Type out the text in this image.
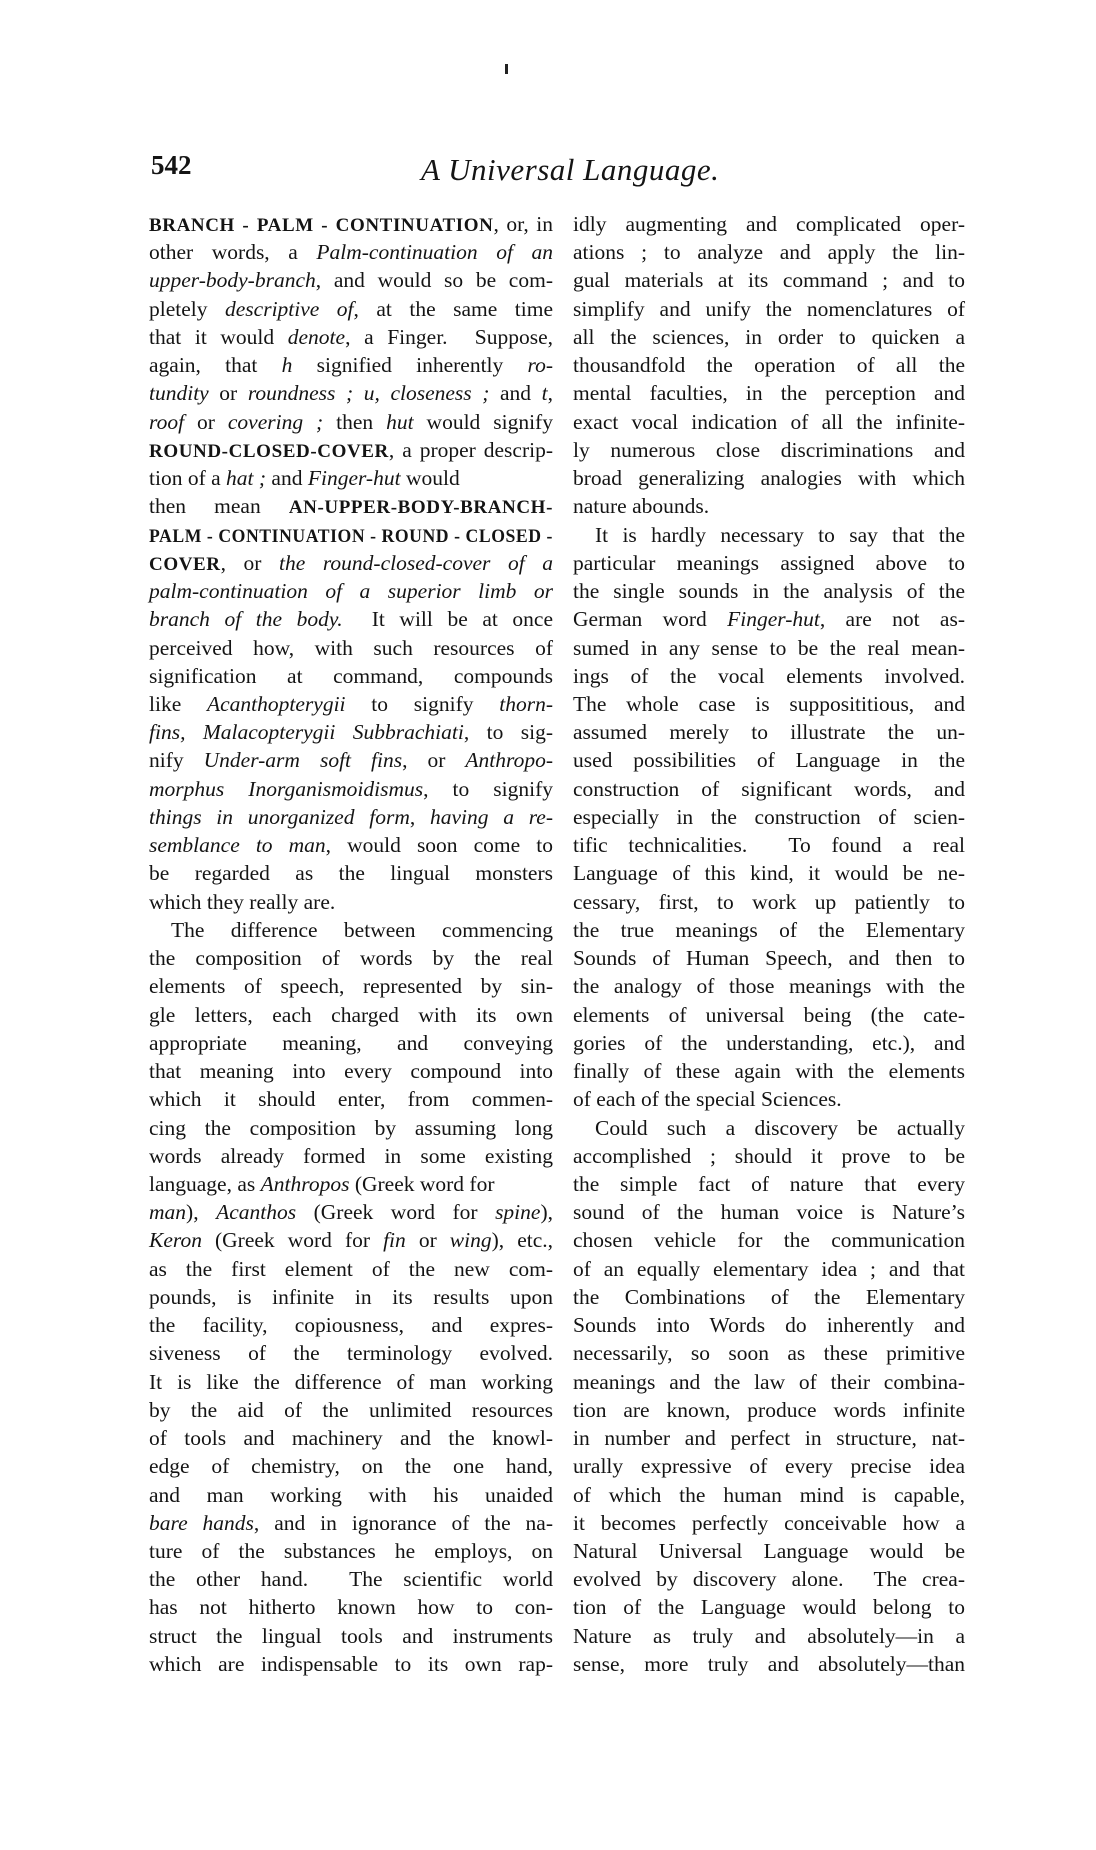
542	A Universal Language.
BRANCH - PALM - CONTINUATION, or, in
other words, a Palm-continuation of an
upper-body-branch, and would so be com-
pletely descriptive of, at the same time
that it would denote, a Finger.  Suppose,
again, that h signified inherently ro-
tundity or roundness ; u, closeness ; and t,
roof or covering ; then hut would signify
ROUND-CLOSED-COVER, a proper descrip-
tion of a hat ; and Finger-hut would
then   mean   AN-UPPER-BODY-BRANCH-
PALM - CONTINUATION - ROUND - CLOSED -
COVER, or the round-closed-cover of a
palm-continuation of a superior limb or
branch of the body.  It will be at once
perceived how, with such resources of
signification at command, compounds
like Acanthopterygii to signify thorn-
fins, Malacopterygii Subbrachiati, to sig-
nify Under-arm soft fins, or Anthropo-
morphus Inorganismoidismus, to signify
things in unorganized form, having a re-
semblance to man, would soon come to
be regarded as the lingual monsters
which they really are.
The difference between commencing
the composition of words by the real
elements of speech, represented by sin-
gle letters, each charged with its own
appropriate meaning, and conveying
that meaning into every compound into
which it should enter, from commen-
cing the composition by assuming long
words already formed in some existing
language, as Anthropos (Greek word for
man), Acanthos (Greek word for spine),
Keron (Greek word for fin or wing), etc.,
as the first element of the new com-
pounds, is infinite in its results upon
the facility, copiousness, and expres-
siveness of the terminology evolved.
It is like the difference of man working
by the aid of the unlimited resources
of tools and machinery and the knowl-
edge of chemistry, on the one hand,
and man working with his unaided
bare hands, and in ignorance of the na-
ture of the substances he employs, on
the other hand.  The scientific world
has not hitherto known how to con-
struct the lingual tools and instruments
which are indispensable to its own rap-
idly augmenting and complicated oper-
ations ; to analyze and apply the lin-
gual materials at its command ; and to
simplify and unify the nomenclatures of
all the sciences, in order to quicken a
thousandfold the operation of all the
mental faculties, in the perception and
exact vocal indication of all the infinite-
ly numerous close discriminations and
broad generalizing analogies with which
nature abounds.
It is hardly necessary to say that the
particular meanings assigned above to
the single sounds in the analysis of the
German word Finger-hut, are not as-
sumed in any sense to be the real mean-
ings of the vocal elements involved.
The whole case is supposititious, and
assumed merely to illustrate the un-
used possibilities of Language in the
construction of significant words, and
especially in the construction of scien-
tific technicalities.  To found a real
Language of this kind, it would be ne-
cessary, first, to work up patiently to
the true meanings of the Elementary
Sounds of Human Speech, and then to
the analogy of those meanings with the
elements of universal being (the cate-
gories of the understanding, etc.), and
finally of these again with the elements
of each of the special Sciences.
Could such a discovery be actually
accomplished ; should it prove to be
the simple fact of nature that every
sound of the human voice is Nature’s
chosen vehicle for the communication
of an equally elementary idea ; and that
the Combinations of the Elementary
Sounds into Words do inherently and
necessarily, so soon as these primitive
meanings and the law of their combina-
tion are known, produce words infinite
in number and perfect in structure, nat-
urally expressive of every precise idea
of which the human mind is capable,
it becomes perfectly conceivable how a
Natural Universal Language would be
evolved by discovery alone.  The crea-
tion of the Language would belong to
Nature as truly and absolutely—in a
sense, more truly and absolutely—than
